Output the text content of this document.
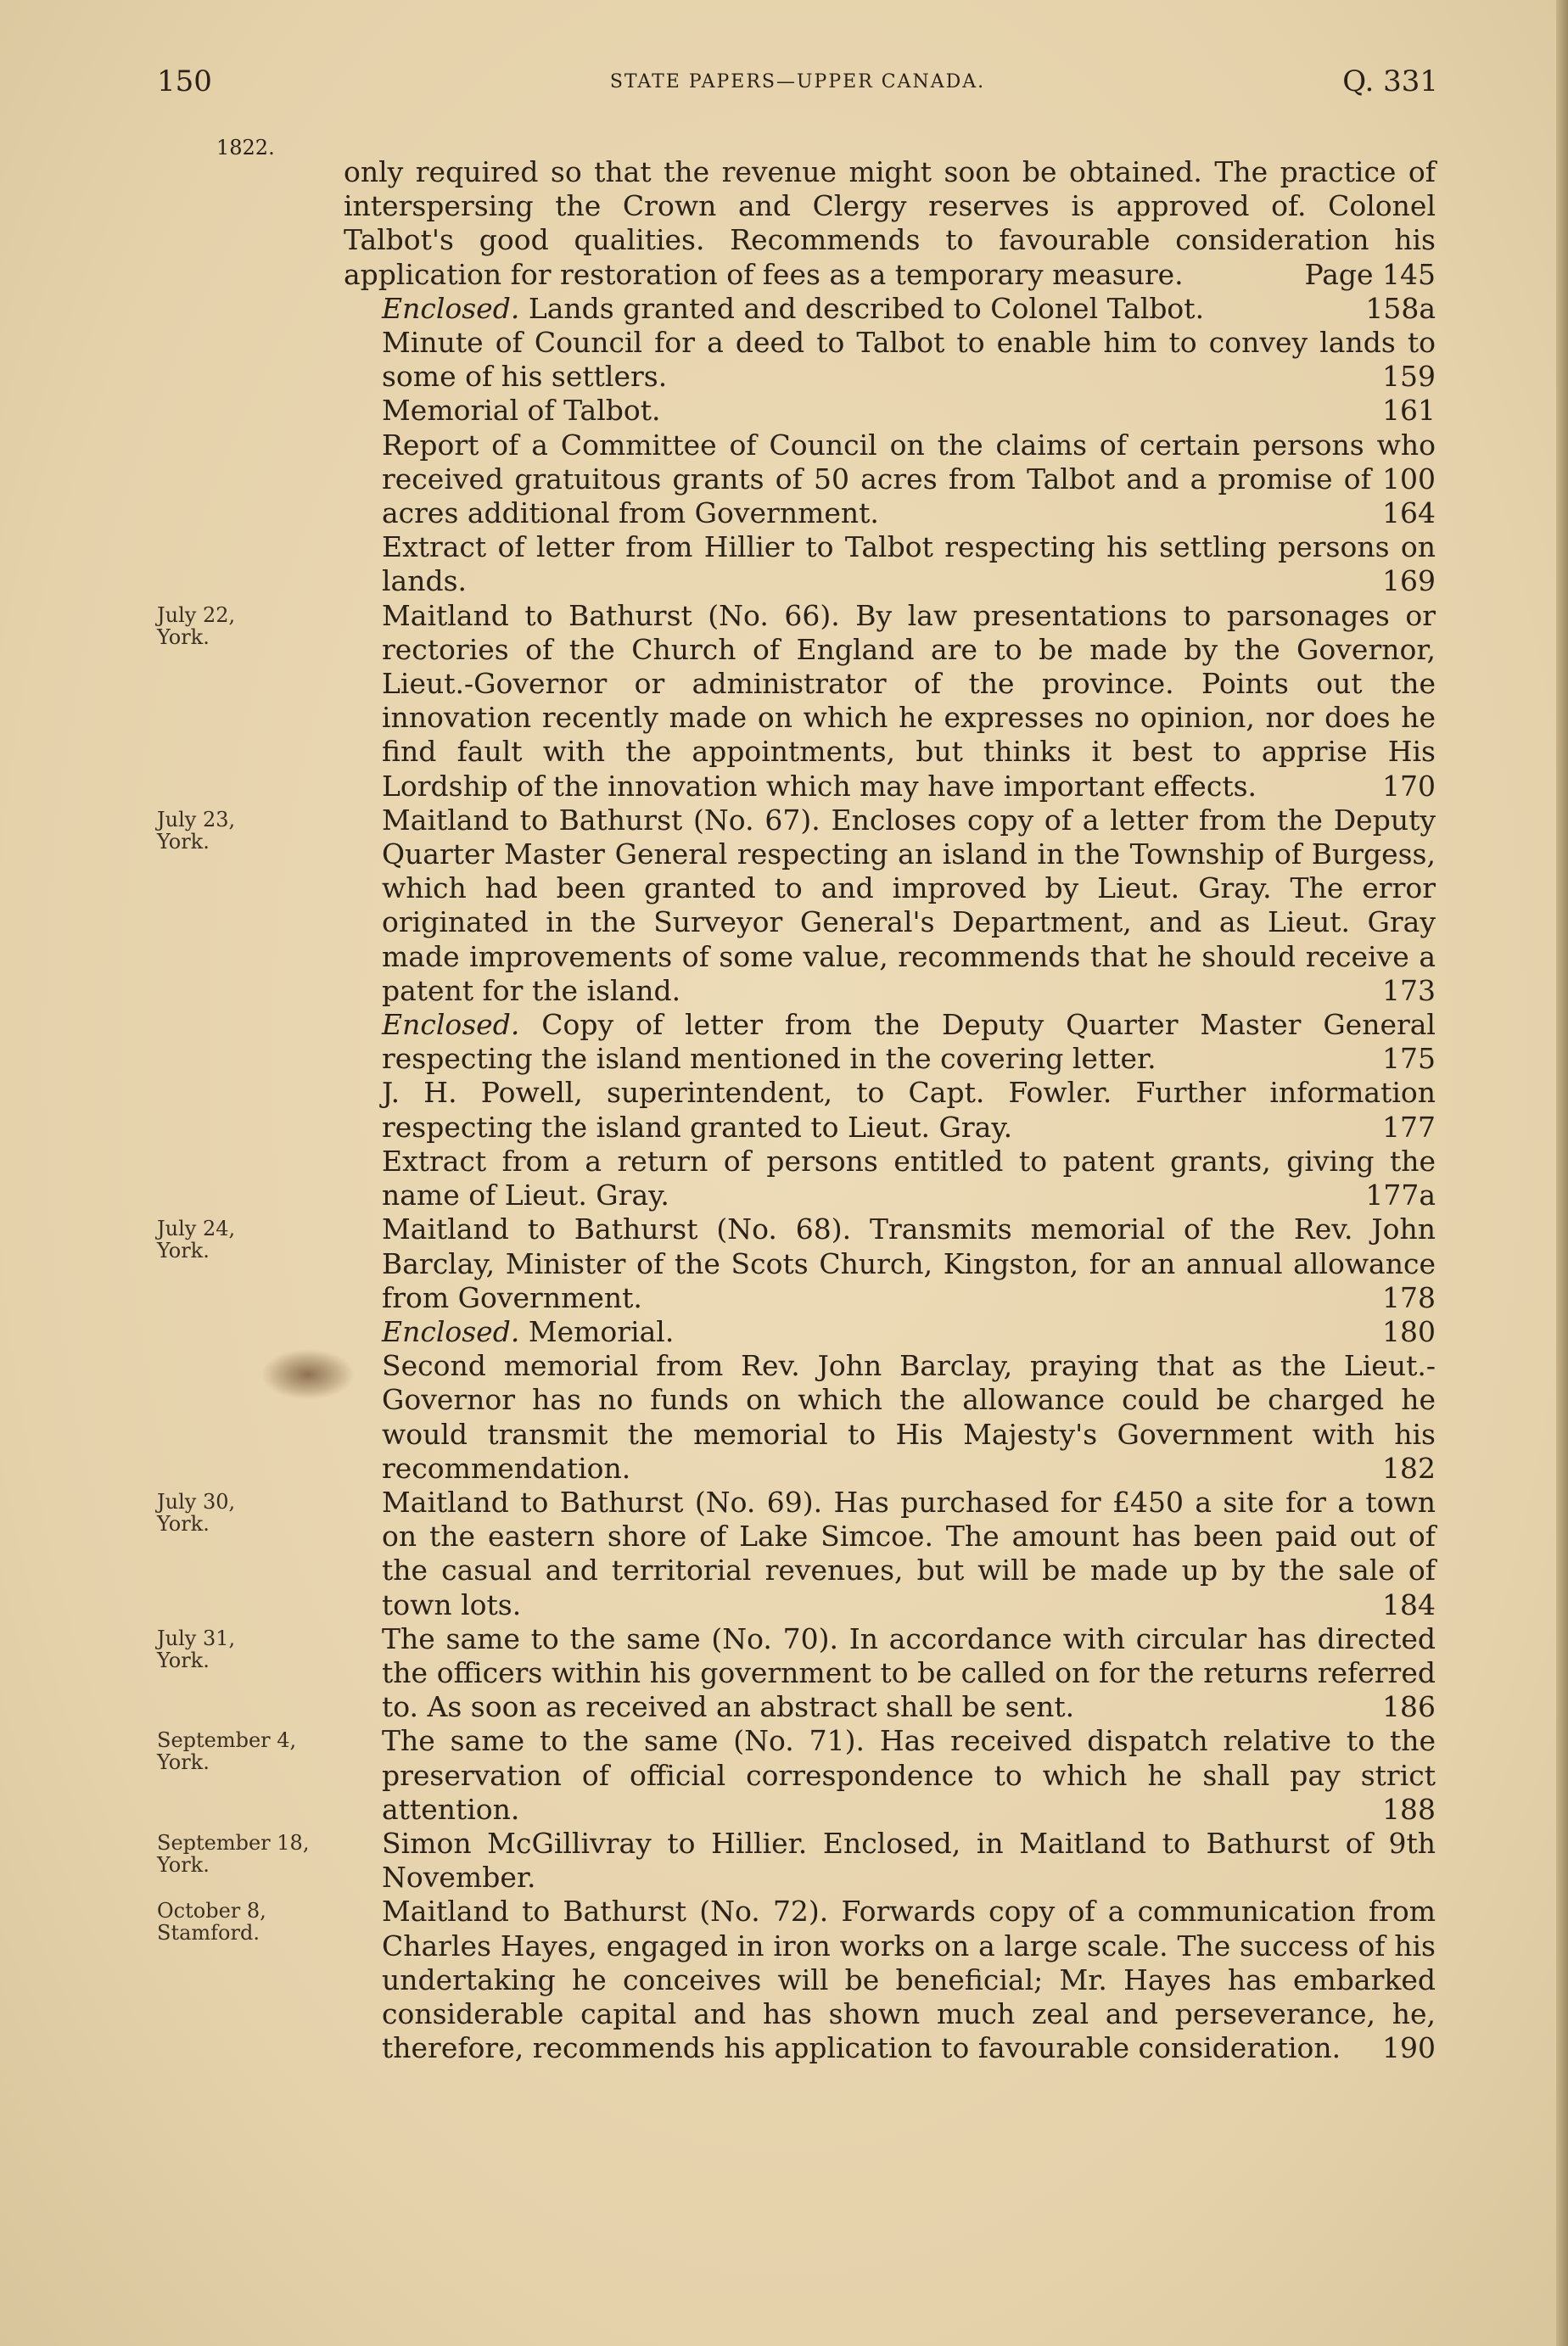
150	STATE PAPERS—UPPER CANADA.	Q. 331
1822.
only required so that the revenue might soon be obtained. The practice of interspersing the Crown and Clergy reserves is approved of. Colonel Talbot's good qualities. Recommends to favourable consideration his application for restoration of fees as a temporary measure.	Page 145
Enclosed. Lands granted and described to Colonel Talbot.	158a
Minute of Council for a deed to Talbot to enable him to convey lands to some of his settlers.	159
Memorial of Talbot.	161
Report of a Committee of Council on the claims of certain persons who received gratuitous grants of 50 acres from Talbot and a promise of 100 acres additional from Government.	164
Extract of letter from Hillier to Talbot respecting his settling persons on lands.	169
July 22,
York.
Maitland to Bathurst (No. 66). By law presentations to parsonages or rectories of the Church of England are to be made by the Governor, Lieut.-Governor or administrator of the province. Points out the innovation recently made on which he expresses no opinion, nor does he find fault with the appointments, but thinks it best to apprise His Lordship of the innovation which may have important effects.	170
July 23,
York.
Maitland to Bathurst (No. 67). Encloses copy of a letter from the Deputy Quarter Master General respecting an island in the Township of Burgess, which had been granted to and improved by Lieut. Gray. The error originated in the Surveyor General's Department, and as Lieut. Gray made improvements of some value, recommends that he should receive a patent for the island.	173
Enclosed. Copy of letter from the Deputy Quarter Master General respecting the island mentioned in the covering letter.	175
J. H. Powell, superintendent, to Capt. Fowler. Further information respecting the island granted to Lieut. Gray.	177
Extract from a return of persons entitled to patent grants, giving the name of Lieut. Gray.	177a
July 24,
York.
Maitland to Bathurst (No. 68). Transmits memorial of the Rev. John Barclay, Minister of the Scots Church, Kingston, for an annual allowance from Government.	178
Enclosed. Memorial.	180
Second memorial from Rev. John Barclay, praying that as the Lieut.-Governor has no funds on which the allowance could be charged he would transmit the memorial to His Majesty's Government with his recommendation.	182
July 30,
York.
Maitland to Bathurst (No. 69). Has purchased for £450 a site for a town on the eastern shore of Lake Simcoe. The amount has been paid out of the casual and territorial revenues, but will be made up by the sale of town lots.	184
July 31,
York.
The same to the same (No. 70). In accordance with circular has directed the officers within his government to be called on for the returns referred to. As soon as received an abstract shall be sent.	186
September 4,
York.
The same to the same (No. 71). Has received dispatch relative to the preservation of official correspondence to which he shall pay strict attention.	188
September 18,
York.
Simon McGillivray to Hillier. Enclosed, in Maitland to Bathurst of 9th November.
October 8,
Stamford.
Maitland to Bathurst (No. 72). Forwards copy of a communication from Charles Hayes, engaged in iron works on a large scale. The success of his undertaking he conceives will be beneficial; Mr. Hayes has embarked considerable capital and has shown much zeal and perseverance, he, therefore, recommends his application to favourable consideration. 190
